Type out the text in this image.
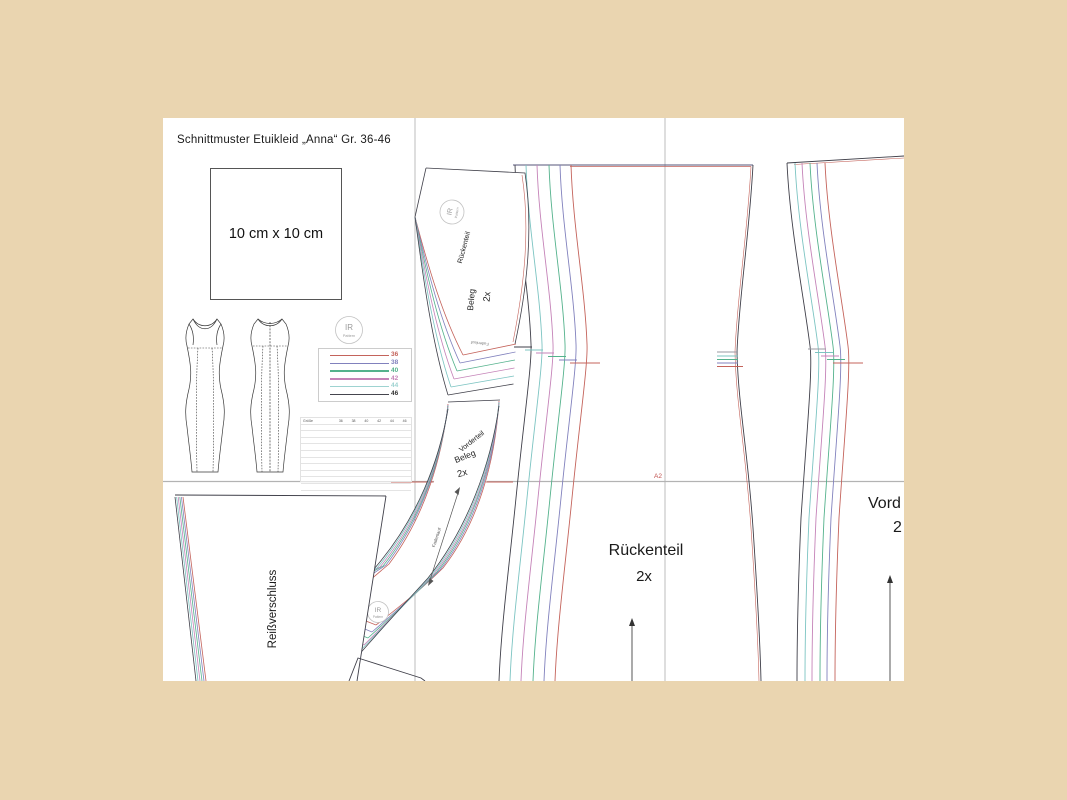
Schnittmuster Etuikleid „Anna“ Gr. 36-46
10 cm x 10 cm
36
38
40
42
44
46
Größe	36	38	40	42	44	46
A2
IR
Pattern
Rückenteil
2x
Vord
2
IR Pattern
Rückenteil
Beleg 2x
Fadenlauf
Fadenlauf
Vorderteil
Beleg
2x
IR
Pattern
Reißverschluss
